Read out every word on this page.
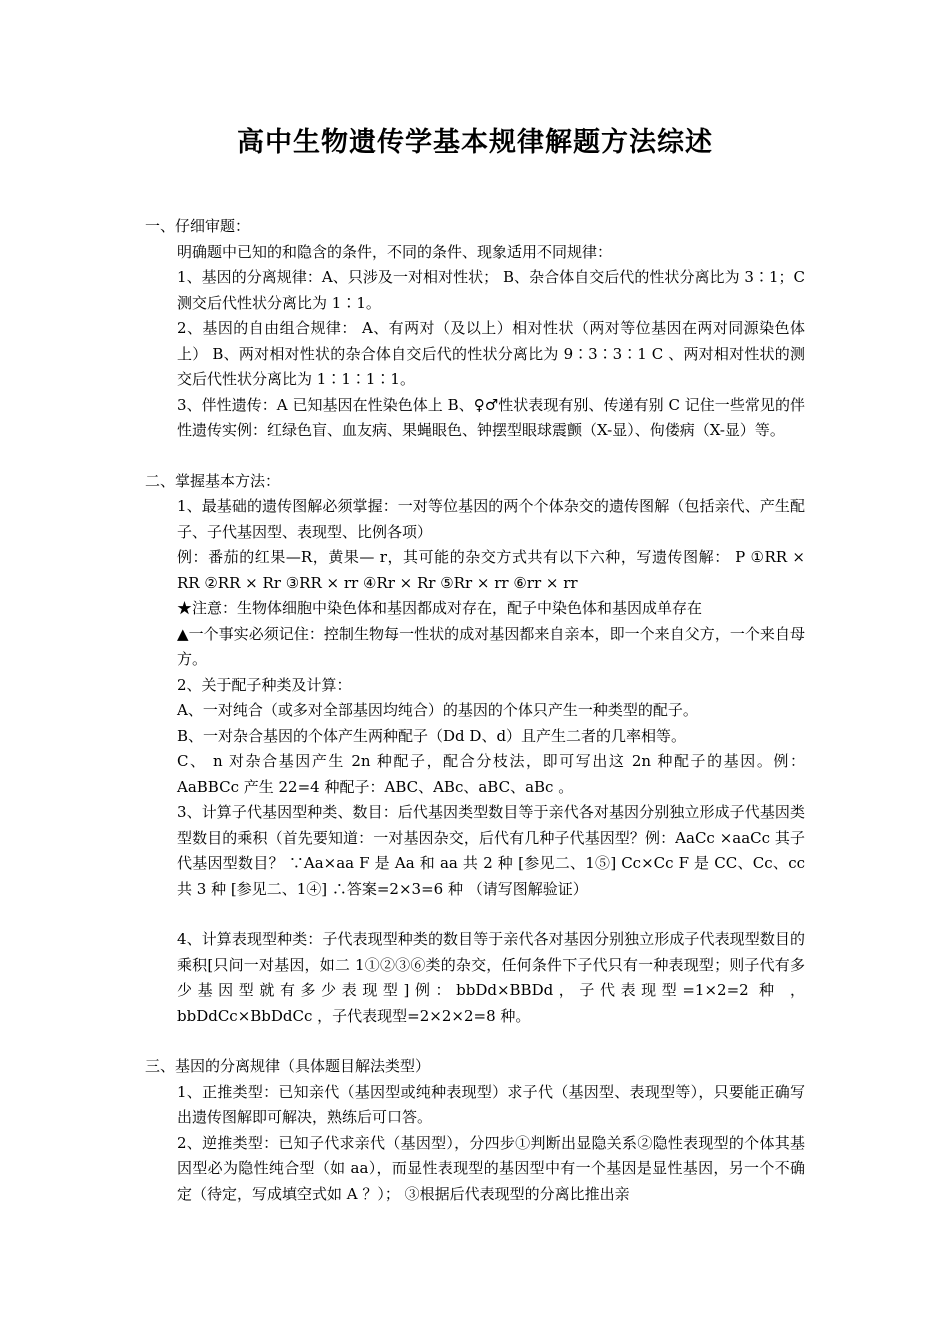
高中生物遗传学基本规律解题方法综述

一、仔细审题：

明确题中已知的和隐含的条件，不同的条件、现象适用不同规律：

1、基因的分离规律：A、只涉及一对相对性状； B、杂合体自交后代的性状分离比为 3∶1；C 测交后代性状分离比为 1∶1。

2、基因的自由组合规律： A、有两对（及以上）相对性状（两对等位基因在两对同源染色体上） B、两对相对性状的杂合体自交后代的性状分离比为 9∶3∶3∶1 C 、两对相对性状的测交后代性状分离比为 1∶1∶1∶1。

3、伴性遗传：A 已知基因在性染色体上 B、♀♂性状表现有别、传递有别 C 记住一些常见的伴性遗传实例：红绿色盲、血友病、果蝇眼色、钟摆型眼球震颤（X-显）、佝偻病（X-显）等。

二、掌握基本方法：

1、最基础的遗传图解必须掌握：一对等位基因的两个个体杂交的遗传图解（包括亲代、产生配子、子代基因型、表现型、比例各项）

例：番茄的红果—R，黄果— r，其可能的杂交方式共有以下六种，写遗传图解： P ①RR × RR ②RR × Rr ③RR × rr ④Rr × Rr ⑤Rr × rr ⑥rr × rr

★注意：生物体细胞中染色体和基因都成对存在，配子中染色体和基因成单存在

▲一个事实必须记住：控制生物每一性状的成对基因都来自亲本，即一个来自父方，一个来自母方。

2、关于配子种类及计算：

A、一对纯合（或多对全部基因均纯合）的基因的个体只产生一种类型的配子。

B、一对杂合基因的个体产生两种配子（Dd D、d）且产生二者的几率相等。

C、 n 对杂合基因产生 2n 种配子，配合分枝法，即可写出这 2n 种配子的基因。例：AaBBCc 产生 22=4 种配子：ABC、ABc、aBC、aBc 。

3、计算子代基因型种类、数目：后代基因类型数目等于亲代各对基因分别独立形成子代基因类型数目的乘积（首先要知道：一对基因杂交，后代有几种子代基因型？例：AaCc ×aaCc 其子代基因型数目？ ∵Aa×aa F 是 Aa 和 aa 共 2 种 [参见二、1⑤] Cc×Cc F 是 CC、Cc、cc 共 3 种 [参见二、1④] ∴答案=2×3=6 种 （请写图解验证）

4、计算表现型种类：子代表现型种类的数目等于亲代各对基因分别独立形成子代表现型数目的乘积[只问一对基因，如二 1①②③⑥类的杂交，任何条件下子代只有一种表现型；则子代有多少基因型就有多少表现型]例：bbDd×BBDd，子代表现型=1×2=2 种 ， bbDdCc×BbDdCc ，子代表现型=2×2×2=8 种。

三、基因的分离规律（具体题目解法类型）

1、正推类型：已知亲代（基因型或纯种表现型）求子代（基因型、表现型等），只要能正确写出遗传图解即可解决，熟练后可口答。

2、逆推类型：已知子代求亲代（基因型），分四步①判断出显隐关系②隐性表现型的个体其基因型必为隐性纯合型（如 aa），而显性表现型的基因型中有一个基因是显性基因，另一个不确定（待定，写成填空式如 A ？）； ③根据后代表现型的分离比推出亲
